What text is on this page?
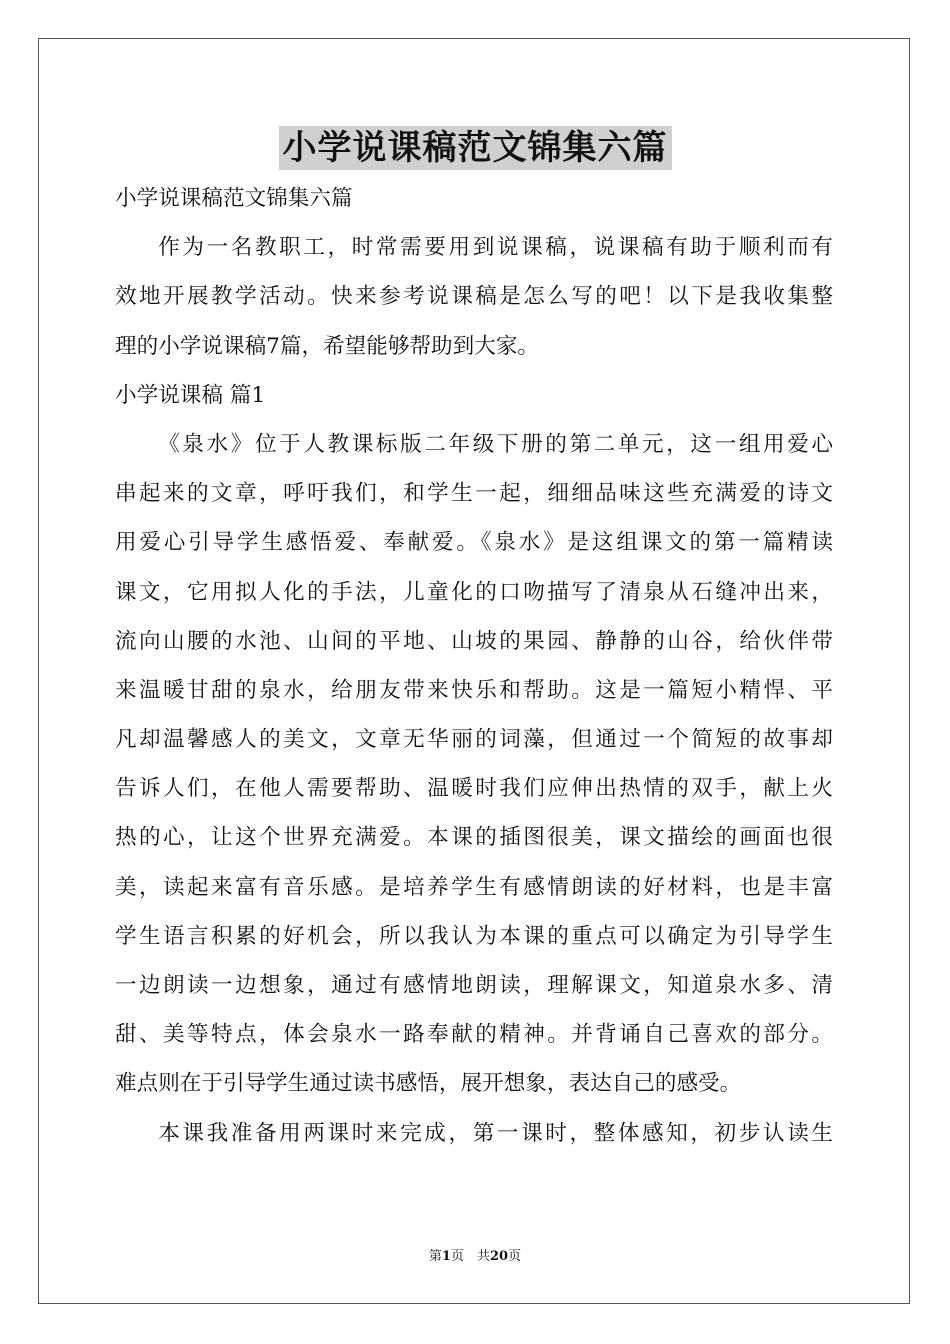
小学说课稿范文锦集六篇
小学说课稿范文锦集六篇
作为一名教职工，时常需要用到说课稿，说课稿有助于顺利而有
效地开展教学活动。快来参考说课稿是怎么写的吧！以下是我收集整
理的小学说课稿7篇，希望能够帮助到大家。
小学说课稿 篇1
《泉水》位于人教课标版二年级下册的第二单元，这一组用爱心
串起来的文章，呼吁我们，和学生一起，细细品味这些充满爱的诗文
用爱心引导学生感悟爱、奉献爱。《泉水》是这组课文的第一篇精读
课文，它用拟人化的手法，儿童化的口吻描写了清泉从石缝冲出来，
流向山腰的水池、山间的平地、山坡的果园、静静的山谷，给伙伴带
来温暖甘甜的泉水，给朋友带来快乐和帮助。这是一篇短小精悍、平
凡却温馨感人的美文，文章无华丽的词藻，但通过一个简短的故事却
告诉人们，在他人需要帮助、温暖时我们应伸出热情的双手，献上火
热的心，让这个世界充满爱。本课的插图很美，课文描绘的画面也很
美，读起来富有音乐感。是培养学生有感情朗读的好材料，也是丰富
学生语言积累的好机会，所以我认为本课的重点可以确定为引导学生
一边朗读一边想象，通过有感情地朗读，理解课文，知道泉水多、清
甜、美等特点，体会泉水一路奉献的精神。并背诵自己喜欢的部分。
难点则在于引导学生通过读书感悟，展开想象，表达自己的感受。
本课我准备用两课时来完成，第一课时，整体感知，初步认读生
第1页　共20页
